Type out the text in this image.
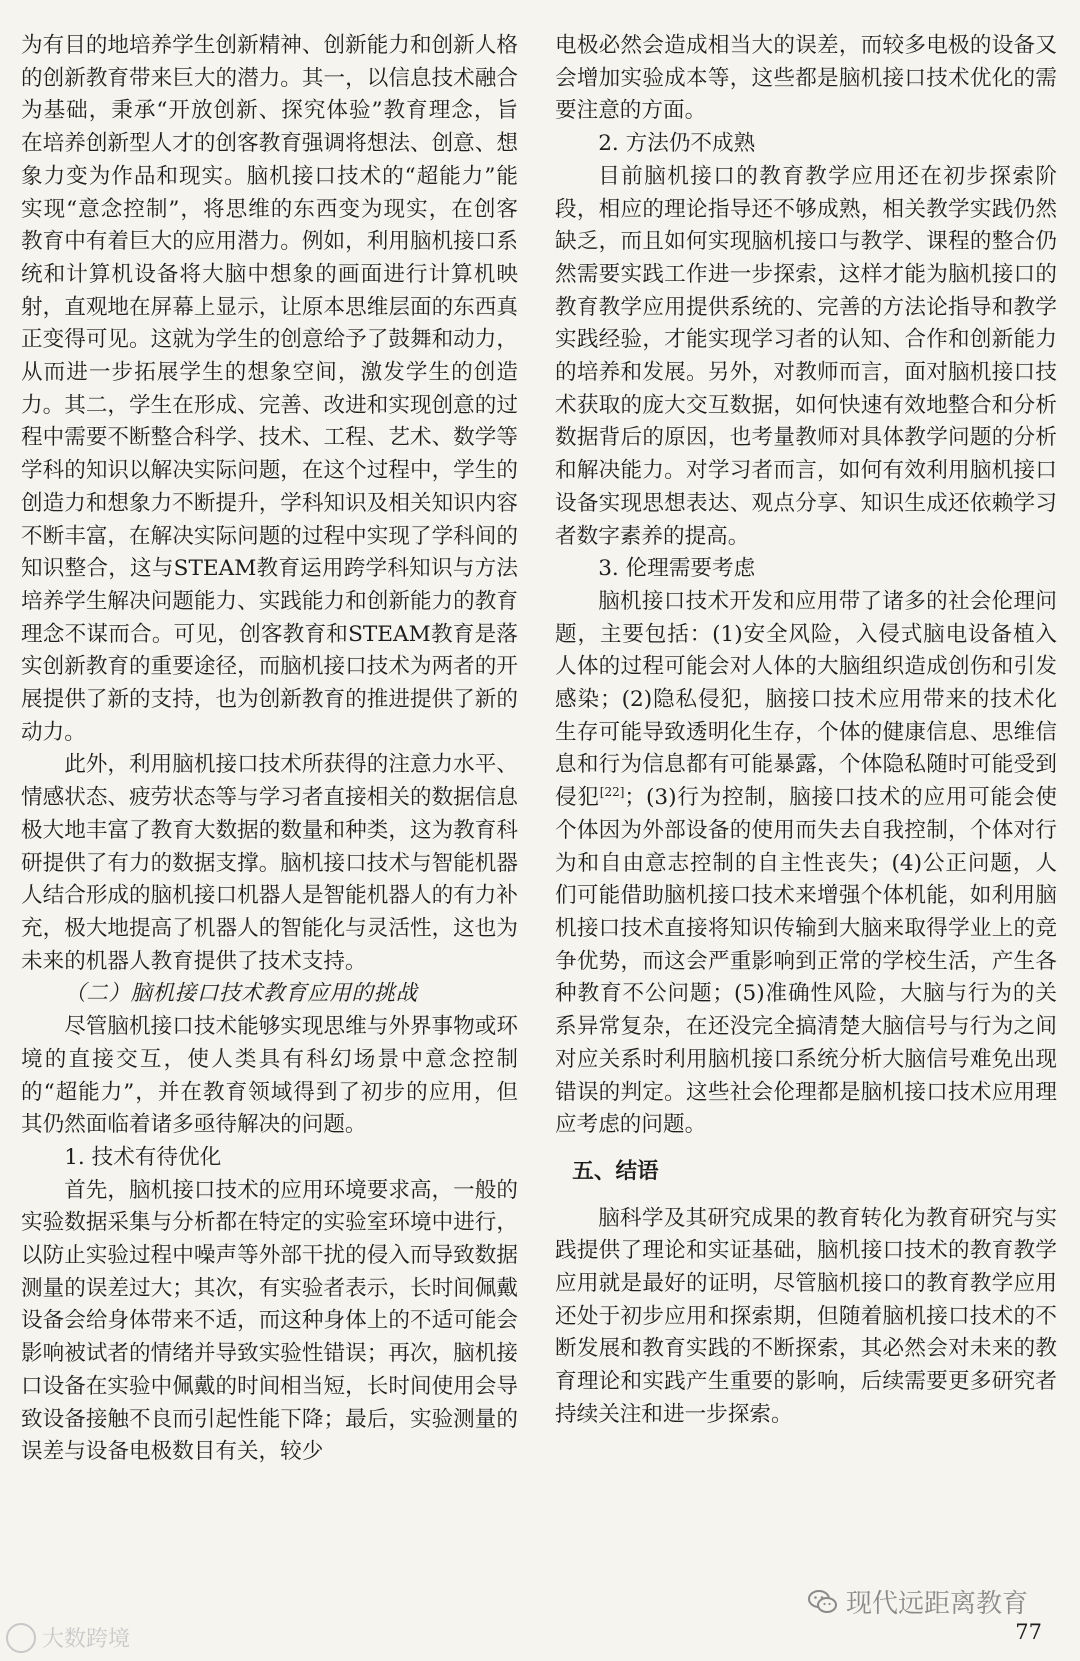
为有目的地培养学生创新精神、创新能力和创新人格的创新教育带来巨大的潜力。其一，以信息技术融合为基础，秉承“开放创新、探究体验”教育理念，旨在培养创新型人才的创客教育强调将想法、创意、想象力变为作品和现实。脑机接口技术的“超能力”能实现“意念控制”，将思维的东西变为现实，在创客教育中有着巨大的应用潜力。例如，利用脑机接口系统和计算机设备将大脑中想象的画面进行计算机映射，直观地在屏幕上显示，让原本思维层面的东西真正变得可见。这就为学生的创意给予了鼓舞和动力，从而进一步拓展学生的想象空间，激发学生的创造力。其二，学生在形成、完善、改进和实现创意的过程中需要不断整合科学、技术、工程、艺术、数学等学科的知识以解决实际问题，在这个过程中，学生的创造力和想象力不断提升，学科知识及相关知识内容不断丰富，在解决实际问题的过程中实现了学科间的知识整合，这与STEAM教育运用跨学科知识与方法培养学生解决问题能力、实践能力和创新能力的教育理念不谋而合。可见，创客教育和STEAM教育是落实创新教育的重要途径，而脑机接口技术为两者的开展提供了新的支持，也为创新教育的推进提供了新的动力。

此外，利用脑机接口技术所获得的注意力水平、情感状态、疲劳状态等与学习者直接相关的数据信息极大地丰富了教育大数据的数量和种类，这为教育科研提供了有力的数据支撑。脑机接口技术与智能机器人结合形成的脑机接口机器人是智能机器人的有力补充，极大地提高了机器人的智能化与灵活性，这也为未来的机器人教育提供了技术支持。

（二）脑机接口技术教育应用的挑战

尽管脑机接口技术能够实现思维与外界事物或环境的直接交互，使人类具有科幻场景中意念控制的“超能力”，并在教育领域得到了初步的应用，但其仍然面临着诸多亟待解决的问题。

1. 技术有待优化

首先，脑机接口技术的应用环境要求高，一般的实验数据采集与分析都在特定的实验室环境中进行，以防止实验过程中噪声等外部干扰的侵入而导致数据测量的误差过大；其次，有实验者表示，长时间佩戴设备会给身体带来不适，而这种身体上的不适可能会影响被试者的情绪并导致实验性错误；再次，脑机接口设备在实验中佩戴的时间相当短，长时间使用会导致设备接触不良而引起性能下降；最后，实验测量的误差与设备电极数目有关，较少

电极必然会造成相当大的误差，而较多电极的设备又会增加实验成本等，这些都是脑机接口技术优化的需要注意的方面。

2. 方法仍不成熟

目前脑机接口的教育教学应用还在初步探索阶段，相应的理论指导还不够成熟，相关教学实践仍然缺乏，而且如何实现脑机接口与教学、课程的整合仍然需要实践工作进一步探索，这样才能为脑机接口的教育教学应用提供系统的、完善的方法论指导和教学实践经验，才能实现学习者的认知、合作和创新能力的培养和发展。另外，对教师而言，面对脑机接口技术获取的庞大交互数据，如何快速有效地整合和分析数据背后的原因，也考量教师对具体教学问题的分析和解决能力。对学习者而言，如何有效利用脑机接口设备实现思想表达、观点分享、知识生成还依赖学习者数字素养的提高。

3. 伦理需要考虑

脑机接口技术开发和应用带了诸多的社会伦理问题，主要包括：(1)安全风险，入侵式脑电设备植入人体的过程可能会对人体的大脑组织造成创伤和引发感染；(2)隐私侵犯，脑接口技术应用带来的技术化生存可能导致透明化生存，个体的健康信息、思维信息和行为信息都有可能暴露，个体隐私随时可能受到侵犯[22]；(3)行为控制，脑接口技术的应用可能会使个体因为外部设备的使用而失去自我控制，个体对行为和自由意志控制的自主性丧失；(4)公正问题，人们可能借助脑机接口技术来增强个体机能，如利用脑机接口技术直接将知识传输到大脑来取得学业上的竞争优势，而这会严重影响到正常的学校生活，产生各种教育不公问题；(5)准确性风险，大脑与行为的关系异常复杂，在还没完全搞清楚大脑信号与行为之间对应关系时利用脑机接口系统分析大脑信号难免出现错误的判定。这些社会伦理都是脑机接口技术应用理应考虑的问题。

五、结语

脑科学及其研究成果的教育转化为教育研究与实践提供了理论和实证基础，脑机接口技术的教育教学应用就是最好的证明，尽管脑机接口的教育教学应用还处于初步应用和探索期，但随着脑机接口技术的不断发展和教育实践的不断探索，其必然会对未来的教育理论和实践产生重要的影响，后续需要更多研究者持续关注和进一步探索。

现代远距离教育
77
大数跨境
